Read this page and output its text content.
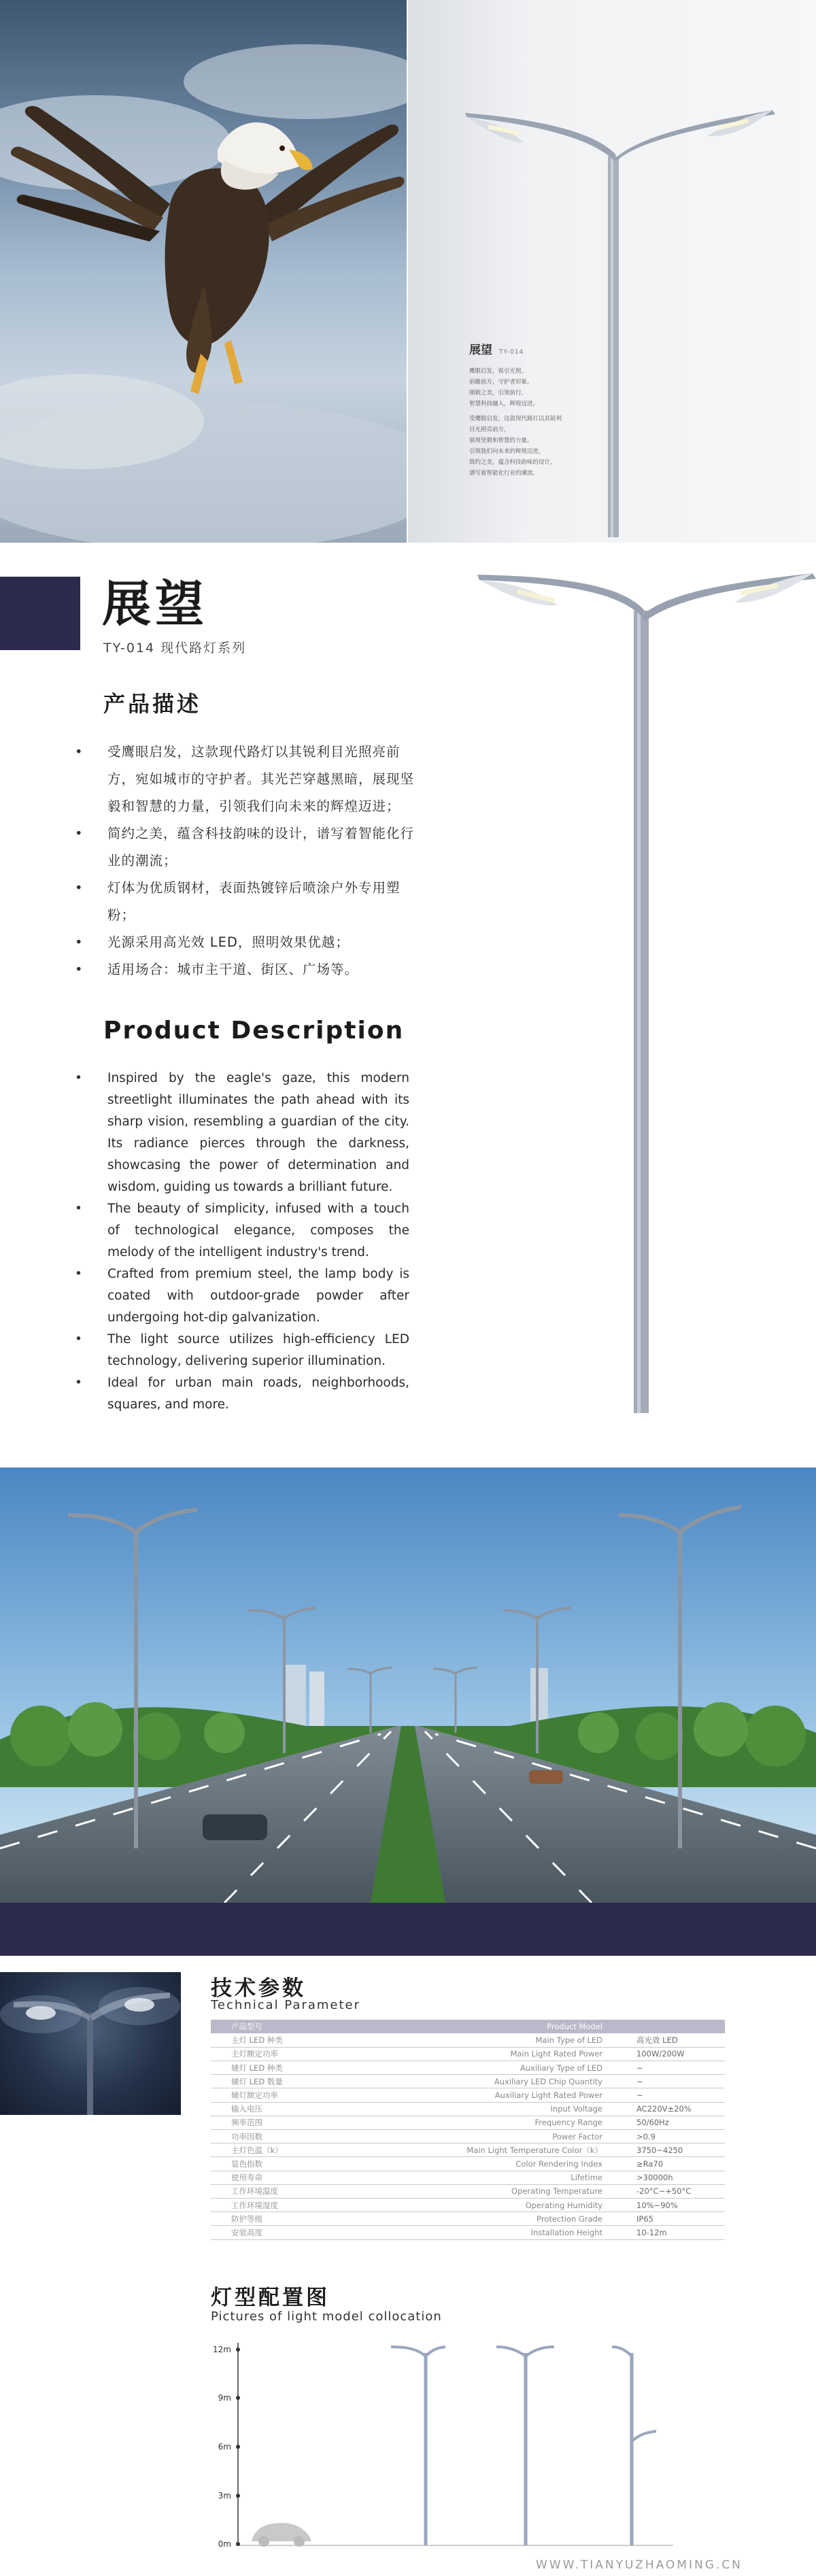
展望 TY-014
鹰眼启发，锐引光照，
前瞻前方，守护者形象。
刚毅之美，引领前行，
智慧科技融入，辉煌迈进。
受鹰眼启发，这款现代路灯以其锐利
目光照亮前方，
展现坚毅和智慧的力量。
引领我们向未来的辉煌迈进，
简约之美，蕴含科技韵味的设计，
谱写着智能化行业的潮流。
展望
TY-014 现代路灯系列
产品描述
• 受鹰眼启发，这款现代路灯以其锐利目光照亮前方，宛如城市的守护者。其光芒穿越黑暗，展现坚毅和智慧的力量，引领我们向未来的辉煌迈进；
• 简约之美，蕴含科技韵味的设计，谱写着智能化行业的潮流；
• 灯体为优质钢材，表面热镀锌后喷涂户外专用塑粉；
• 光源采用高光效 LED，照明效果优越；
• 适用场合：城市主干道、街区、广场等。
Product Description
• Inspired by the eagle's gaze, this modern streetlight illuminates the path ahead with its sharp vision, resembling a guardian of the city. Its radiance pierces through the darkness, showcasing the power of determination and wisdom, guiding us towards a brilliant future.
• The beauty of simplicity, infused with a touch of technological elegance, composes the melody of the intelligent industry's trend.
• Crafted from premium steel, the lamp body is coated with outdoor-grade powder after undergoing hot-dip galvanization.
• The light source utilizes high-efficiency LED technology, delivering superior illumination.
• Ideal for urban main roads, neighborhoods, squares, and more.
技术参数
Technical Parameter
产品型号	Product Model	
主灯 LED 种类	Main Type of LED	高光效 LED
主灯额定功率	Main Light Rated Power	100W/200W
辅灯 LED 种类	Auxiliary Type of LED	~
辅灯 LED 数量	Auxiliary LED Chip Quantity	~
辅灯额定功率	Auxiliary Light Rated Power	~
输入电压	Input Voltage	AC220V±20%
频率范围	Frequency Range	50/60Hz
功率因数	Power Factor	>0.9
主灯色温（k）	Main Light Temperature Color（k）	3750~4250
显色指数	Color Rendering Index	≥Ra70
使用寿命	Lifetime	>30000h
工作环境温度	Operating Temperature	-20°C~+50°C
工作环境湿度	Operating Humidity	10%~90%
防护等级	Protection Grade	IP65
安装高度	Installation Height	10-12m
灯型配置图
Pictures of light model collocation
12m
9m
6m
3m
0m
WWW.TIANYUZHAOMING.CN
